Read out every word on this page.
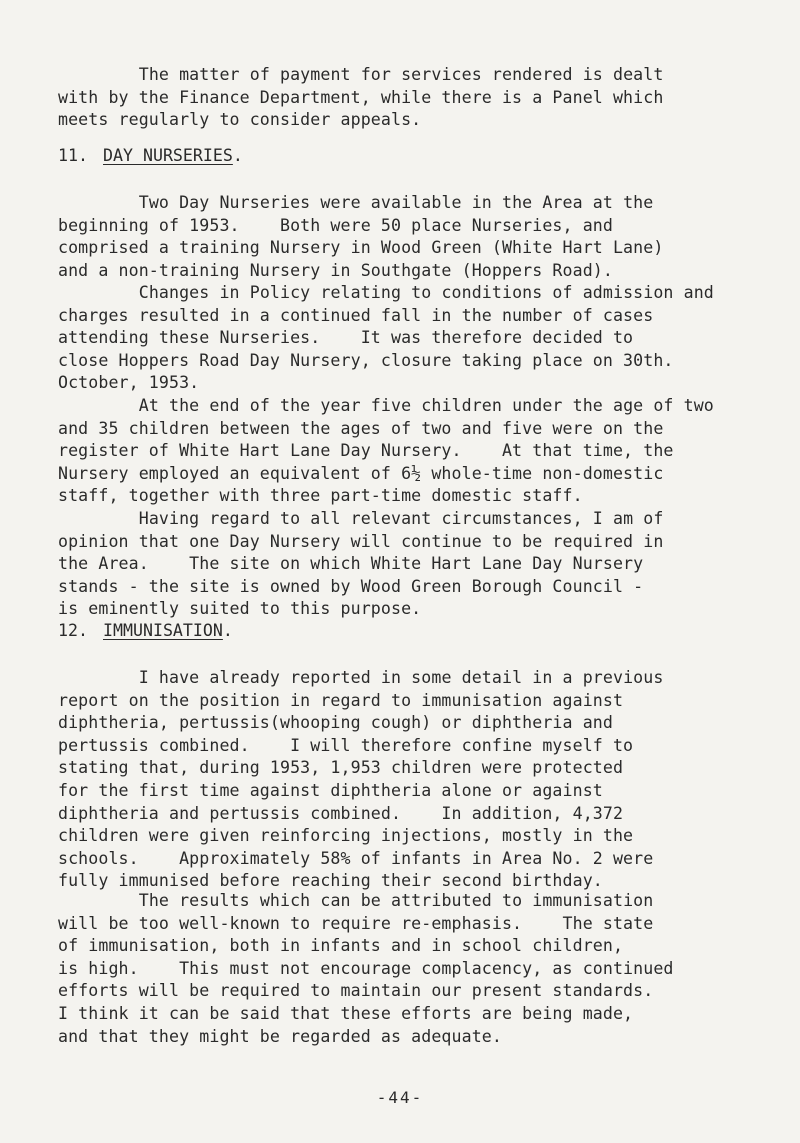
The matter of payment for services rendered is dealt
with by the Finance Department, while there is a Panel which
meets regularly to consider appeals.

11. DAY NURSERIES.

Two Day Nurseries were available in the Area at the
beginning of 1953.    Both were 50 place Nurseries, and
comprised a training Nursery in Wood Green (White Hart Lane)
and a non-training Nursery in Southgate (Hoppers Road).

Changes in Policy relating to conditions of admission and
charges resulted in a continued fall in the number of cases
attending these Nurseries.    It was therefore decided to
close Hoppers Road Day Nursery, closure taking place on 30th.
October, 1953.

At the end of the year five children under the age of two
and 35 children between the ages of two and five were on the
register of White Hart Lane Day Nursery.    At that time, the
Nursery employed an equivalent of 6½ whole-time non-domestic
staff, together with three part-time domestic staff.

Having regard to all relevant circumstances, I am of
opinion that one Day Nursery will continue to be required in
the Area.    The site on which White Hart Lane Day Nursery
stands - the site is owned by Wood Green Borough Council -
is eminently suited to this purpose.

12. IMMUNISATION.

I have already reported in some detail in a previous
report on the position in regard to immunisation against
diphtheria, pertussis(whooping cough) or diphtheria and
pertussis combined.    I will therefore confine myself to
stating that, during 1953, 1,953 children were protected
for the first time against diphtheria alone or against
diphtheria and pertussis combined.    In addition, 4,372
children were given reinforcing injections, mostly in the
schools.    Approximately 58% of infants in Area No. 2 were
fully immunised before reaching their second birthday.

The results which can be attributed to immunisation
will be too well-known to require re-emphasis.    The state
of immunisation, both in infants and in school children,
is high.    This must not encourage complacency, as continued
efforts will be required to maintain our present standards.
I think it can be said that these efforts are being made,
and that they might be regarded as adequate.

-44-
